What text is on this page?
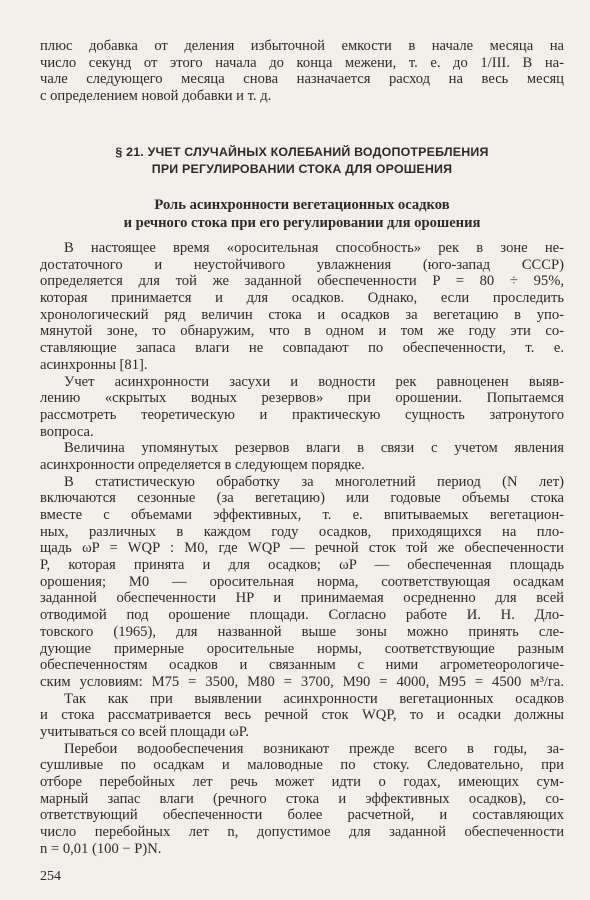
плюс добавка от деления избыточной емкости в начале месяца на
число секунд от этого начала до конца межени, т. е. до 1/III. В на-
чале следующего месяца снова назначается расход на весь месяц
с определением новой добавки и т. д.
§ 21. УЧЕТ СЛУЧАЙНЫХ КОЛЕБАНИЙ ВОДОПОТРЕБЛЕНИЯ
ПРИ РЕГУЛИРОВАНИИ СТОКА ДЛЯ ОРОШЕНИЯ
Роль асинхронности вегетационных осадков
и речного стока при его регулировании для орошения
В настоящее время «оросительная способность» рек в зоне не-
достаточного и неустойчивого увлажнения (юго-запад СССР)
определяется для той же заданной обеспеченности P = 80 ÷ 95%,
которая принимается и для осадков. Однако, если проследить
хронологический ряд величин стока и осадков за вегетацию в упо-
мянутой зоне, то обнаружим, что в одном и том же году эти со-
ставляющие запаса влаги не совпадают по обеспеченности, т. е.
асинхронны [81].
Учет асинхронности засухи и водности рек равноценен выяв-
лению «скрытых водных резервов» при орошении. Попытаемся
рассмотреть теоретическую и практическую сущность затронутого
вопроса.
Величина упомянутых резервов влаги в связи с учетом явления
асинхронности определяется в следующем порядке.
В статистическую обработку за многолетний период (N лет)
включаются сезонные (за вегетацию) или годовые объемы стока
вместе с объемами эффективных, т. е. впитываемых вегетацион-
ных, различных в каждом году осадков, приходящихся на пло-
щадь ωP = WQP : M0, где WQP — речной сток той же обеспеченности
P, которая принята и для осадков; ωP — обеспеченная площадь
орошения; M0 — оросительная норма, соответствующая осадкам
заданной обеспеченности HP и принимаемая осредненно для всей
отводимой под орошение площади. Согласно работе И. Н. Дло-
товского (1965), для названной выше зоны можно принять сле-
дующие примерные оросительные нормы, соответствующие разным
обеспеченностям осадков и связанным с ними агрометеорологиче-
ским условиям: M75 = 3500, M80 = 3700, M90 = 4000, M95 = 4500 м³/га.
Так как при выявлении асинхронности вегетационных осадков
и стока рассматривается весь речной сток WQP, то и осадки должны
учитываться со всей площади ωP.
Перебои водообеспечения возникают прежде всего в годы, за-
сушливые по осадкам и маловодные по стоку. Следовательно, при
отборе перебойных лет речь может идти о годах, имеющих сум-
марный запас влаги (речного стока и эффективных осадков), со-
ответствующий обеспеченности более расчетной, и составляющих
число перебойных лет n, допустимое для заданной обеспеченности
n = 0,01 (100 − P)N.
254
